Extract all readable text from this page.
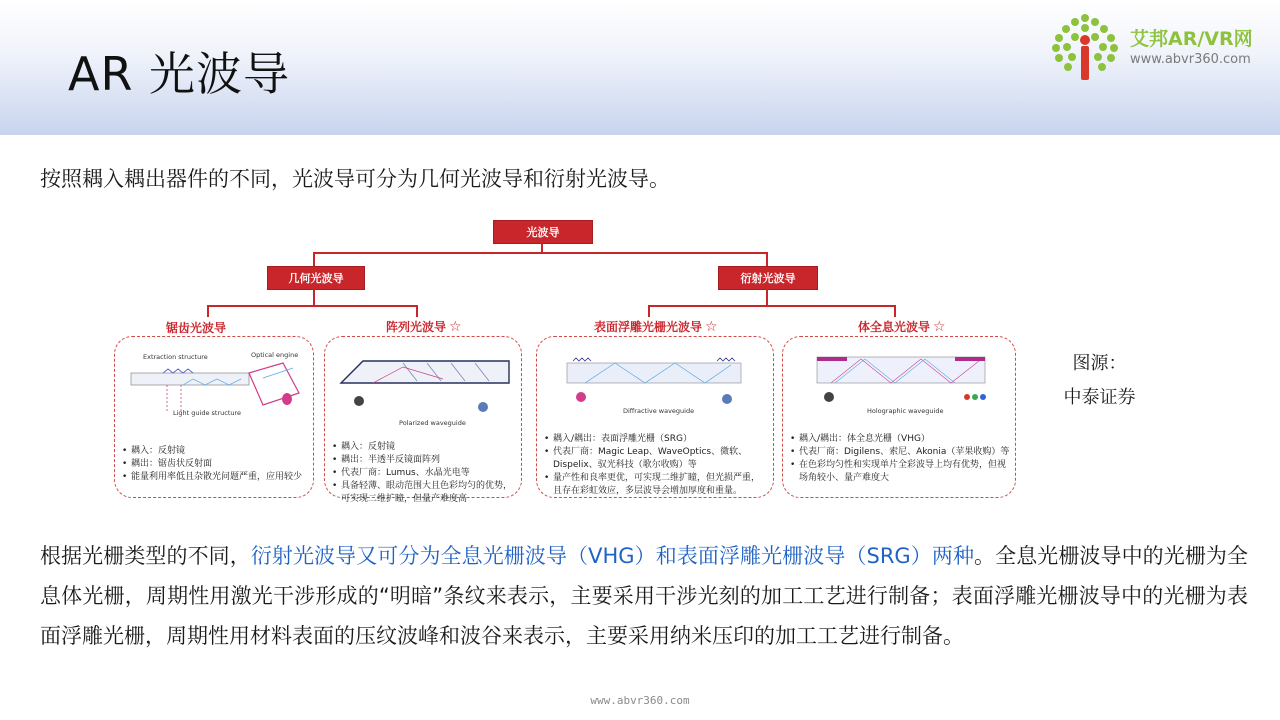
AR 光波导
艾邦AR/VR网
www.abvr360.com
按照耦入耦出器件的不同，光波导可分为几何光波导和衍射光波导。
光波导
几何光波导	衍射光波导
锯齿光波导	阵列光波导 ☆	表面浮雕光栅光波导 ☆	体全息光波导 ☆
Extraction structure	Optical engine
Light guide structure
• 耦入：反射镜
• 耦出：锯齿状反射面
• 能量利用率低且杂散光问题严重，应用较少
Polarized waveguide
• 耦入：反射镜
• 耦出：半透半反镜面阵列
• 代表厂商：Lumus、水晶光电等
• 具备轻薄、眼动范围大且色彩均匀的优势，可实现二维扩瞳，但量产难度高
Diffractive waveguide
• 耦入/耦出：表面浮雕光栅（SRG）
• 代表厂商：Magic Leap、WaveOptics、微软、Dispelix、驭光科技（歌尔收购）等
• 量产性和良率更优，可实现二维扩瞳，但光损严重，且存在彩虹效应，多层波导会增加厚度和重量。
Holographic waveguide
• 耦入/耦出：体全息光栅（VHG）
• 代表厂商：Digilens、索尼、Akonia（苹果收购）等
• 在色彩均匀性和实现单片全彩波导上均有优势，但视场角较小、量产难度大
图源：
中泰证券

根据光栅类型的不同，衍射光波导又可分为全息光栅波导（VHG）和表面浮雕光栅波导（SRG）两种。全息光栅波导中的光栅为全息体光栅，周期性用激光干涉形成的“明暗”条纹来表示，主要采用干涉光刻的加工工艺进行制备；表面浮雕光栅波导中的光栅为表面浮雕光栅，周期性用材料表面的压纹波峰和波谷来表示，主要采用纳米压印的加工工艺进行制备。

www.abvr360.com
